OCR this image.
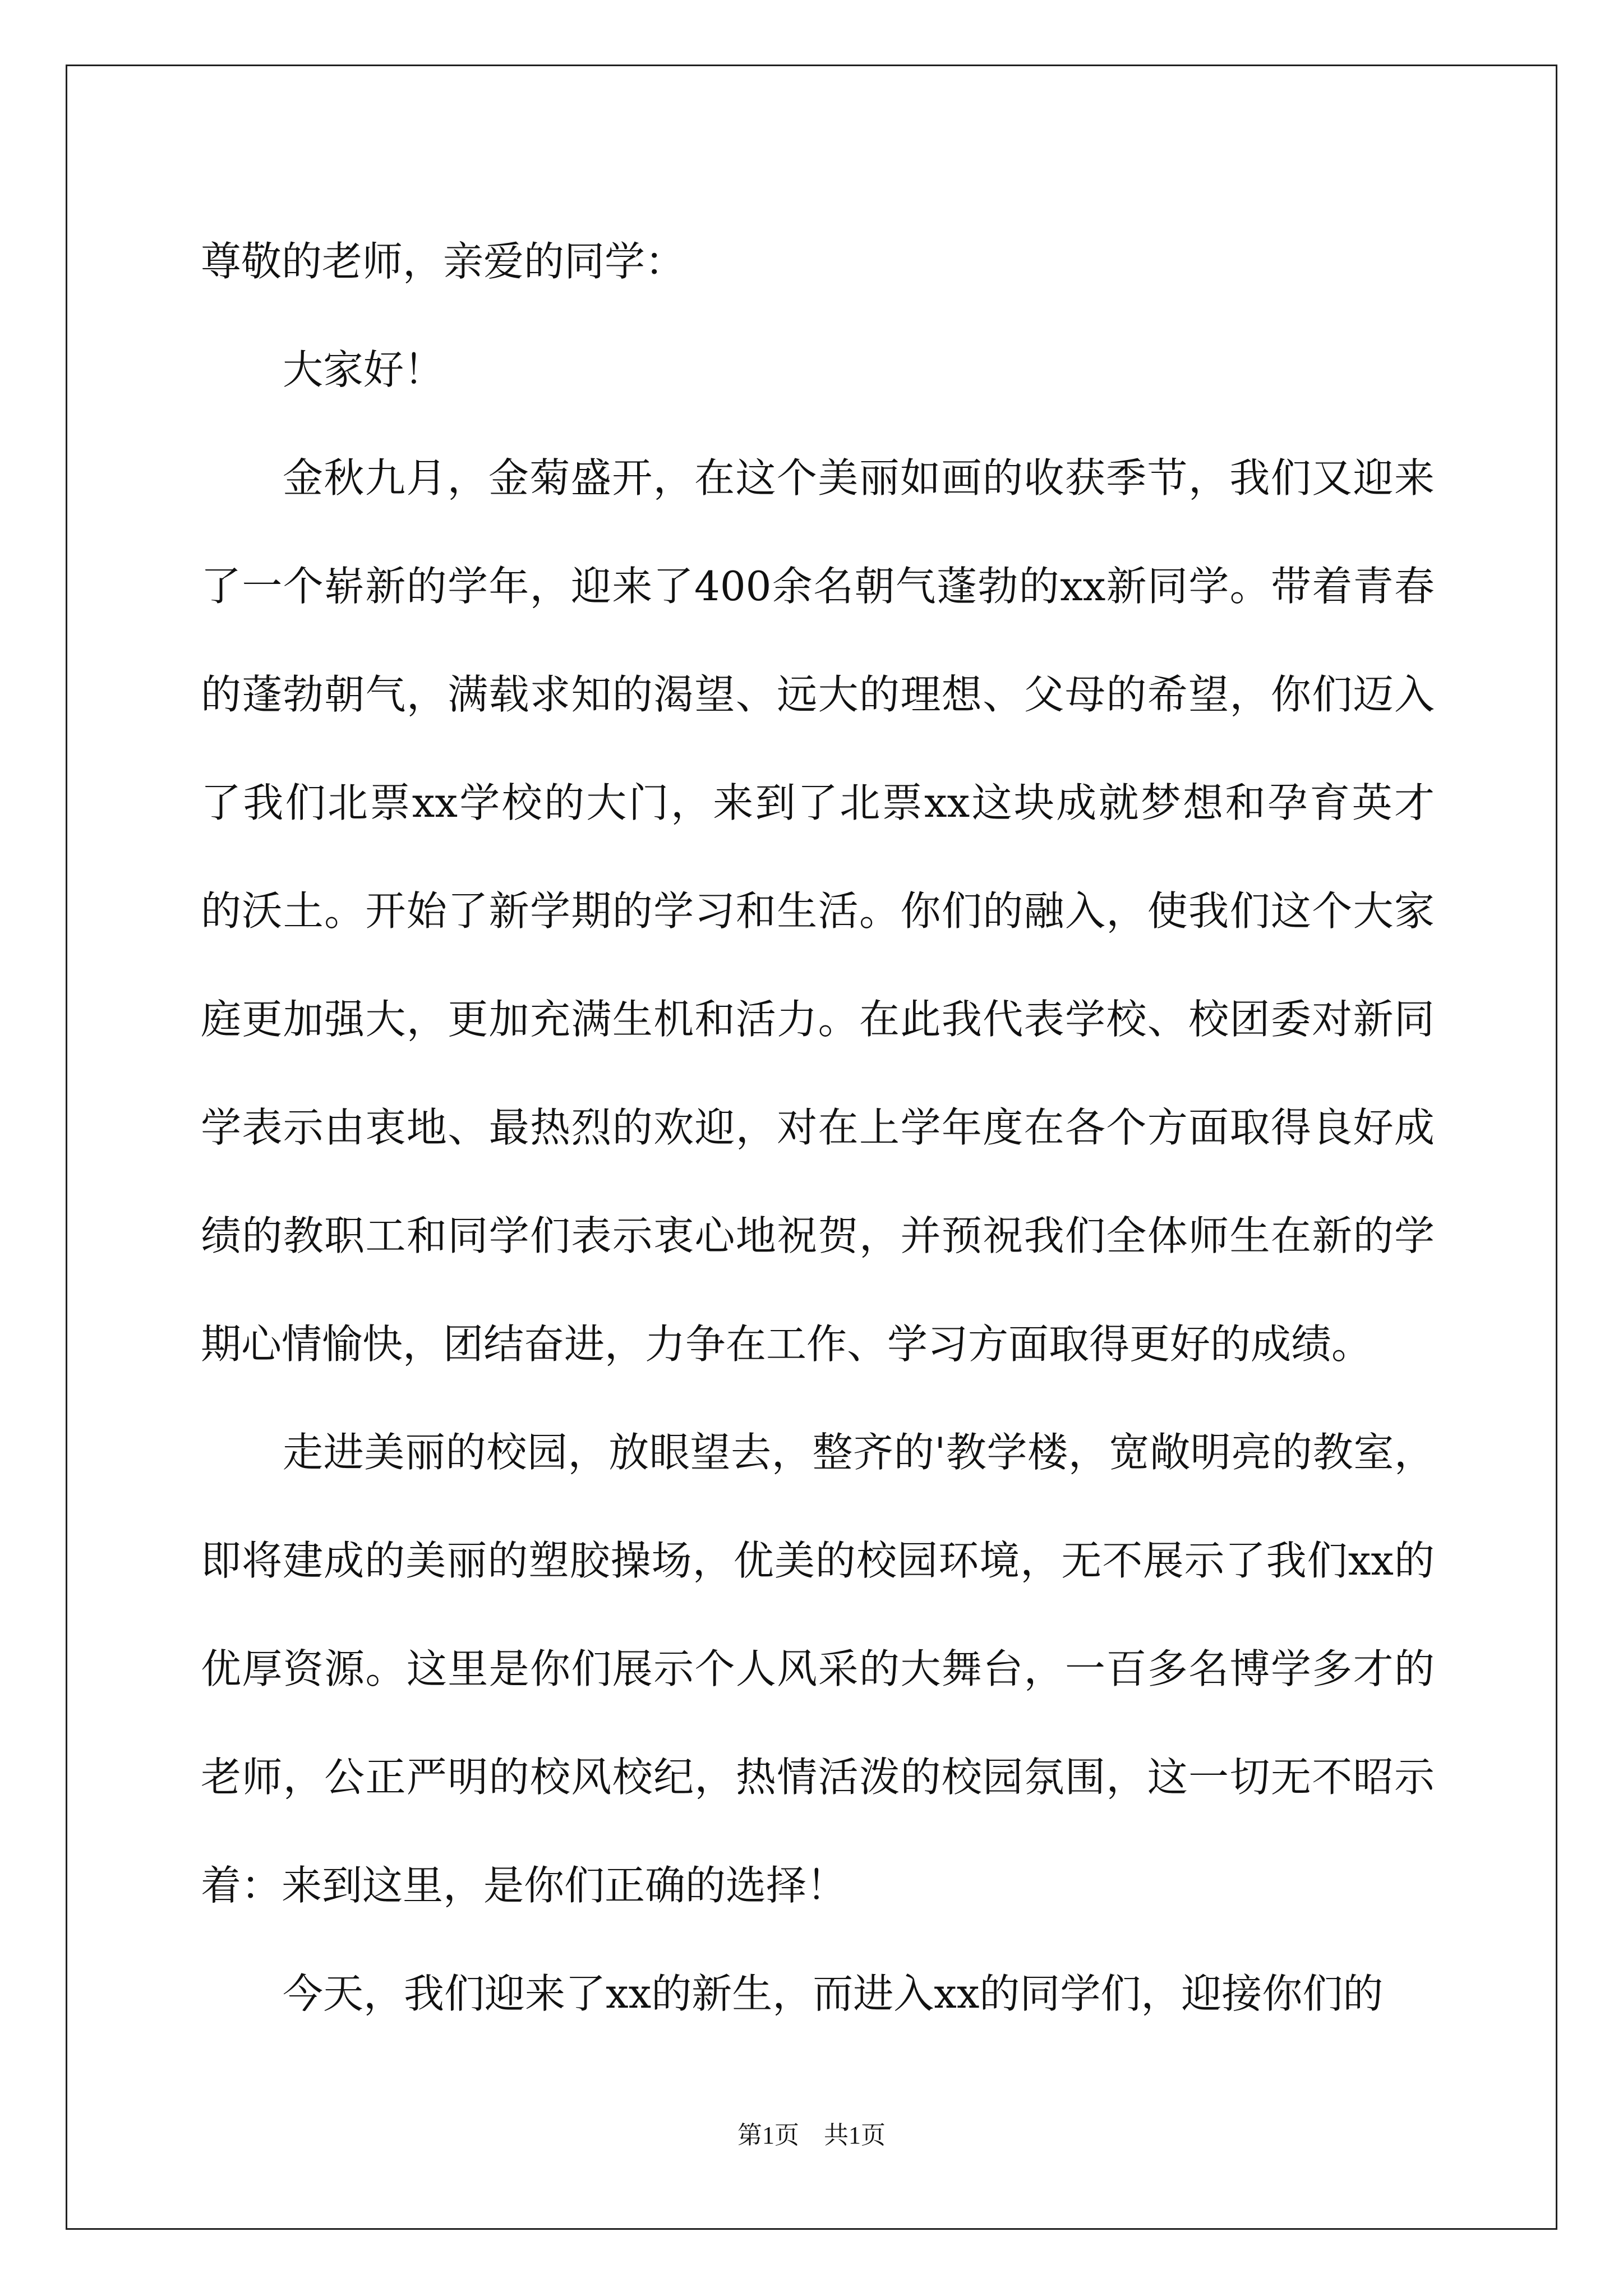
尊敬的老师，亲爱的同学：

大家好！

金秋九月，金菊盛开，在这个美丽如画的收获季节，我们又迎来
了一个崭新的学年，迎来了400余名朝气蓬勃的xx新同学。带着青春
的蓬勃朝气，满载求知的渴望、远大的理想、父母的希望，你们迈入
了我们北票xx学校的大门，来到了北票xx这块成就梦想和孕育英才
的沃土。开始了新学期的学习和生活。你们的融入，使我们这个大家
庭更加强大，更加充满生机和活力。在此我代表学校、校团委对新同
学表示由衷地、最热烈的欢迎，对在上学年度在各个方面取得良好成
绩的教职工和同学们表示衷心地祝贺，并预祝我们全体师生在新的学
期心情愉快，团结奋进，力争在工作、学习方面取得更好的成绩。
走进美丽的校园，放眼望去，整齐的'教学楼，宽敞明亮的教室，
即将建成的美丽的塑胶操场，优美的校园环境，无不展示了我们xx的
优厚资源。这里是你们展示个人风采的大舞台，一百多名博学多才的
老师，公正严明的校风校纪，热情活泼的校园氛围，这一切无不昭示
着：来到这里，是你们正确的选择！
今天，我们迎来了xx的新生，而进入xx的同学们，迎接你们的
第1页　共1页
